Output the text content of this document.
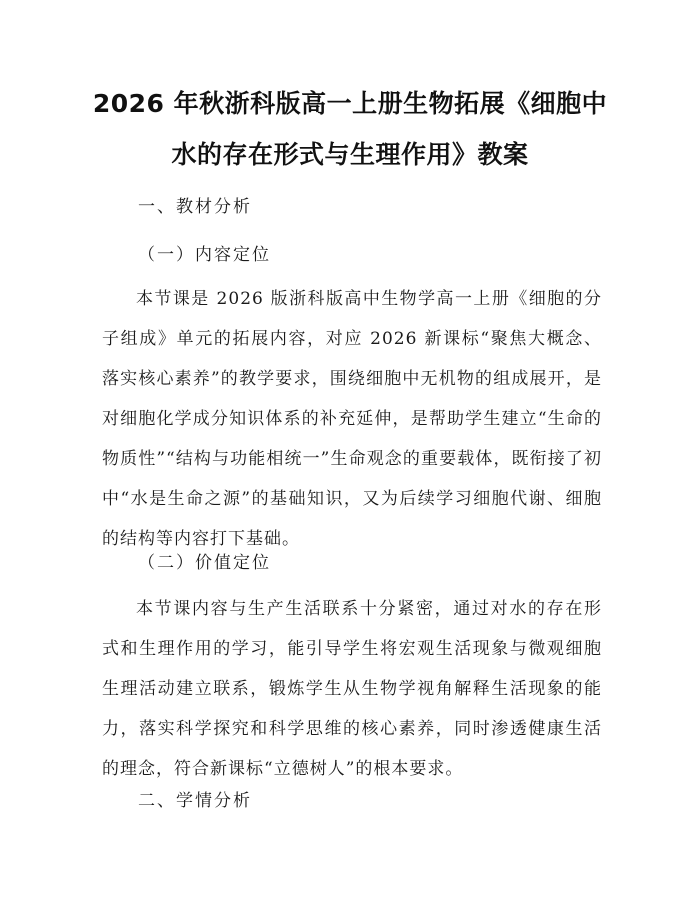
2026 年秋浙科版高一上册生物拓展《细胞中
水的存在形式与生理作用》教案
一、教材分析
（一）内容定位
本节课是 2026 版浙科版高中生物学高一上册《细胞的分子组成》单元的拓展内容，对应 2026 新课标“聚焦大概念、落实核心素养”的教学要求，围绕细胞中无机物的组成展开，是对细胞化学成分知识体系的补充延伸，是帮助学生建立“生命的物质性”“结构与功能相统一”生命观念的重要载体，既衔接了初中“水是生命之源”的基础知识，又为后续学习细胞代谢、细胞的结构等内容打下基础。
（二）价值定位
本节课内容与生产生活联系十分紧密，通过对水的存在形式和生理作用的学习，能引导学生将宏观生活现象与微观细胞生理活动建立联系，锻炼学生从生物学视角解释生活现象的能力，落实科学探究和科学思维的核心素养，同时渗透健康生活的理念，符合新课标“立德树人”的根本要求。
二、学情分析
